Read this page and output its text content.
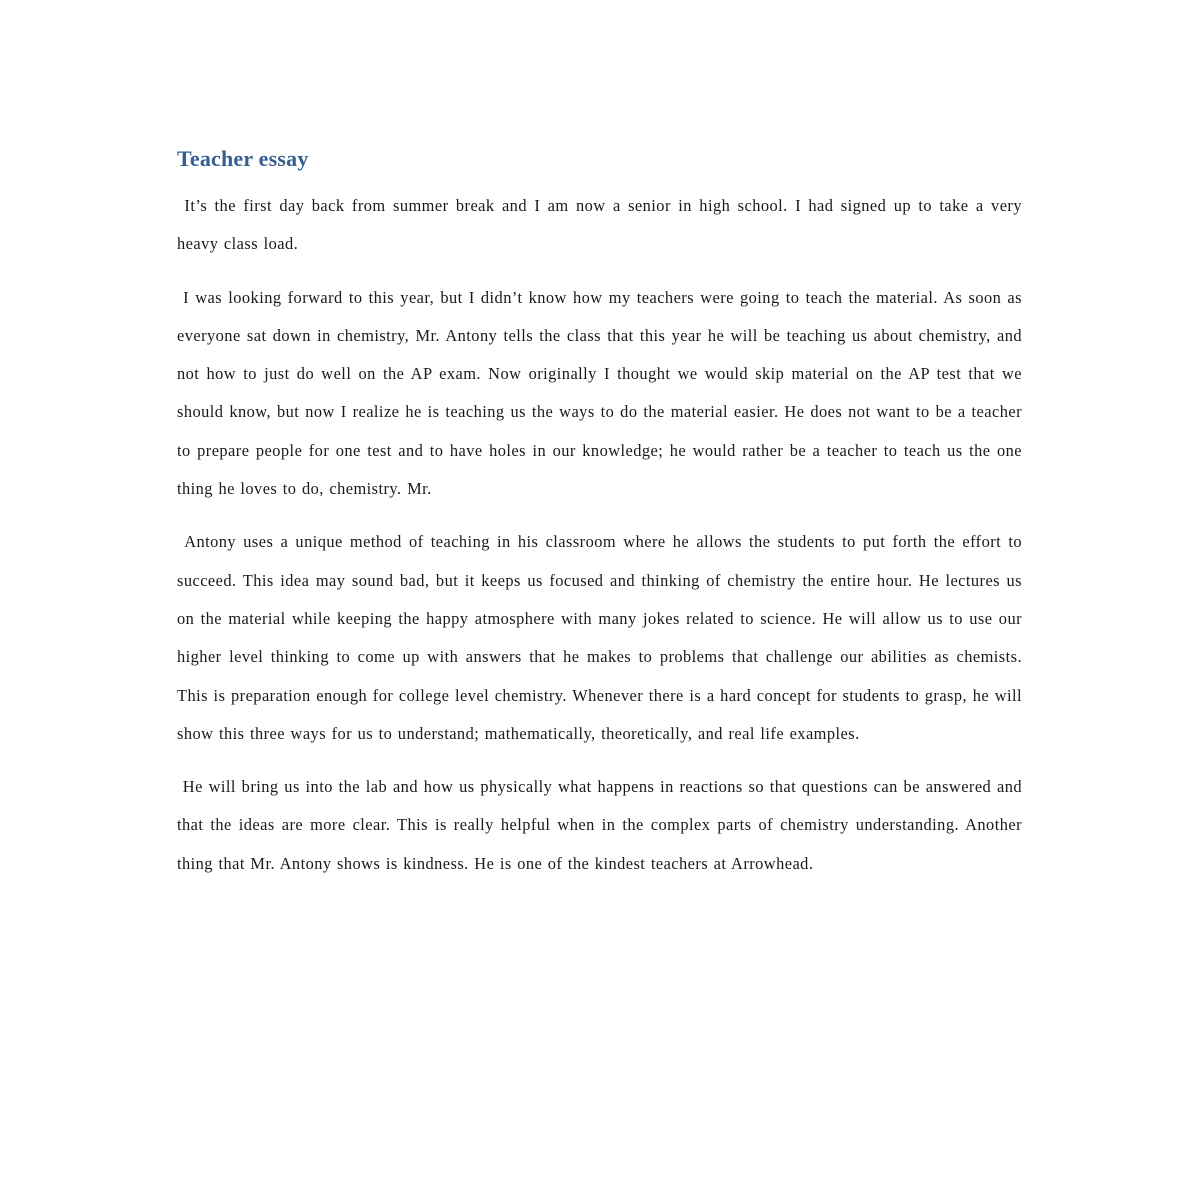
Teacher essay

It’s the first day back from summer break and I am now a senior in high school. I had signed up to take a very heavy class load.

I was looking forward to this year, but I didn’t know how my teachers were going to teach the material. As soon as everyone sat down in chemistry, Mr. Antony tells the class that this year he will be teaching us about chemistry, and not how to just do well on the AP exam. Now originally I thought we would skip material on the AP test that we should know, but now I realize he is teaching us the ways to do the material easier. He does not want to be a teacher to prepare people for one test and to have holes in our knowledge; he would rather be a teacher to teach us the one thing he loves to do, chemistry. Mr.

Antony uses a unique method of teaching in his classroom where he allows the students to put forth the effort to succeed. This idea may sound bad, but it keeps us focused and thinking of chemistry the entire hour. He lectures us on the material while keeping the happy atmosphere with many jokes related to science. He will allow us to use our higher level thinking to come up with answers that he makes to problems that challenge our abilities as chemists. This is preparation enough for college level chemistry. Whenever there is a hard concept for students to grasp, he will show this three ways for us to understand; mathematically, theoretically, and real life examples.

He will bring us into the lab and how us physically what happens in reactions so that questions can be answered and that the ideas are more clear. This is really helpful when in the complex parts of chemistry understanding. Another thing that Mr. Antony shows is kindness. He is one of the kindest teachers at Arrowhead.
